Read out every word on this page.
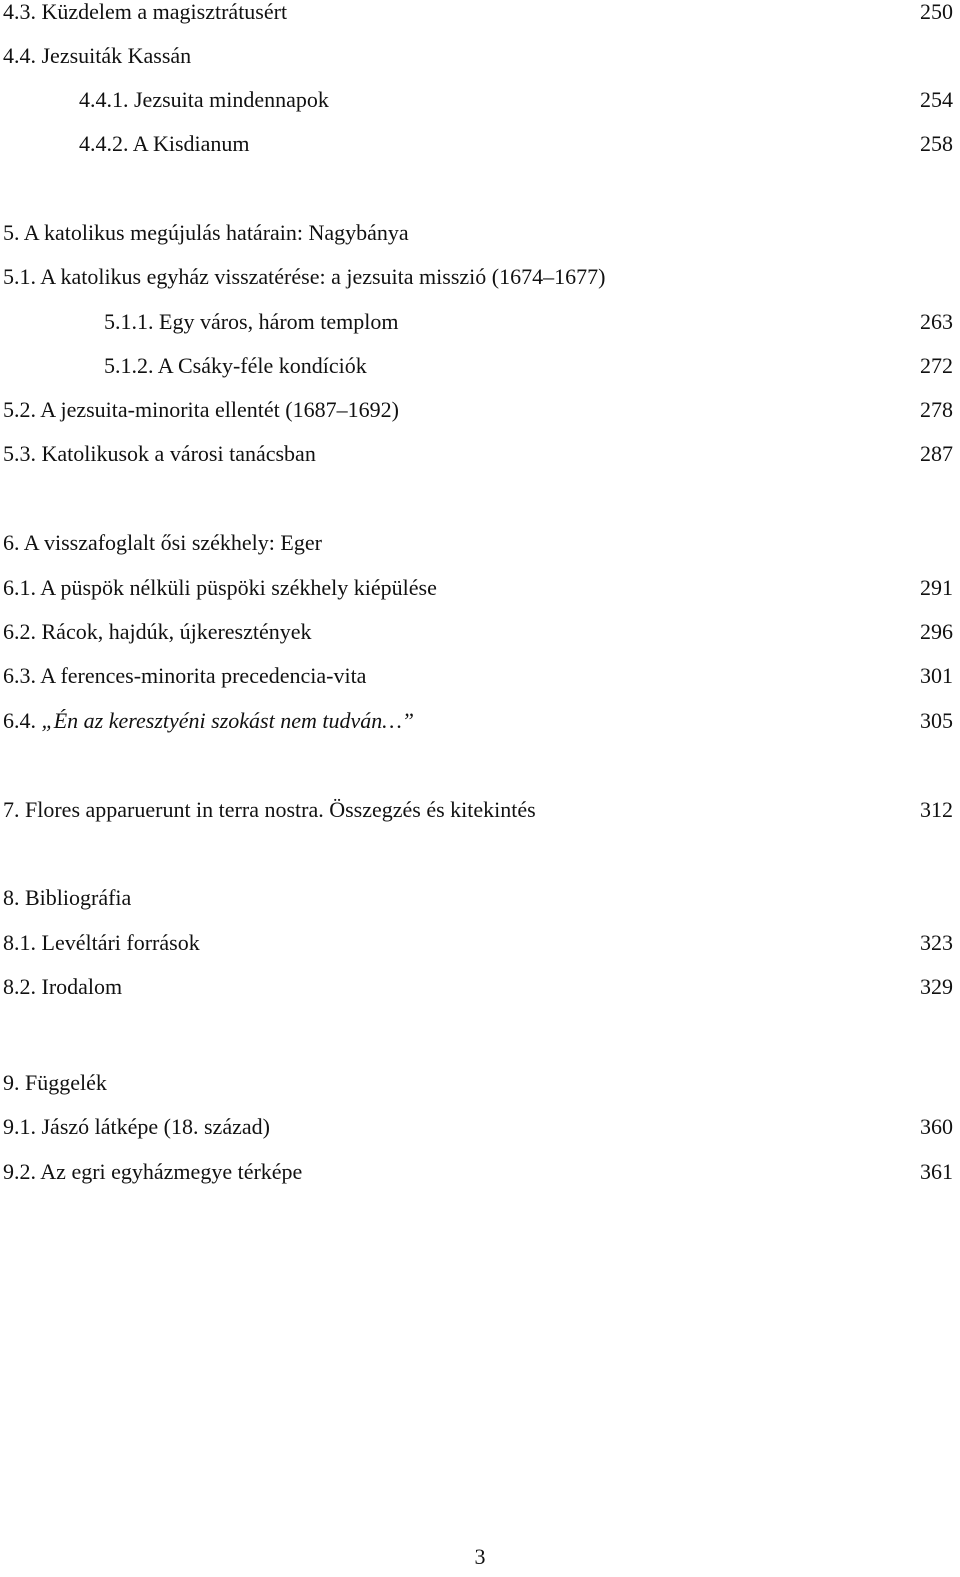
4.3. Küzdelem a magisztrátusért	250
4.4. Jezsuiták Kassán
4.4.1. Jezsuita mindennapok	254
4.4.2. A Kisdianum	258
5. A katolikus megújulás határain: Nagybánya
5.1. A katolikus egyház visszatérése: a jezsuita misszió (1674–1677)
5.1.1. Egy város, három templom	263
5.1.2. A Csáky-féle kondíciók	272
5.2. A jezsuita-minorita ellentét (1687–1692)	278
5.3. Katolikusok a városi tanácsban	287
6. A visszafoglalt ősi székhely: Eger
6.1. A püspök nélküli püspöki székhely kiépülése	291
6.2. Rácok, hajdúk, újkeresztények	296
6.3. A ferences-minorita precedencia-vita	301
6.4. „Én az keresztyéni szokást nem tudván…”	305
7. Flores apparuerunt in terra nostra. Összegzés és kitekintés	312
8. Bibliográfia
8.1. Levéltári források	323
8.2. Irodalom	329
9. Függelék
9.1. Jászó látképe (18. század)	360
9.2. Az egri egyházmegye térképe	361
3
